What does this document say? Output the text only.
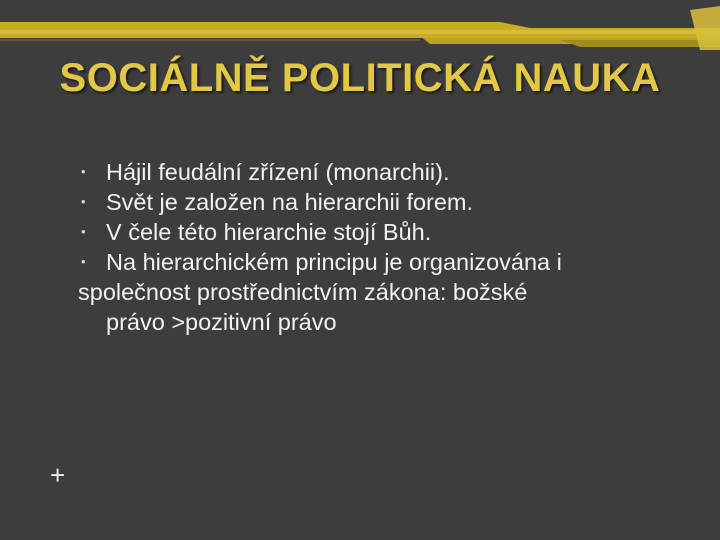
SOCIÁLNĚ POLITICKÁ NAUKA
• Hájil feudální zřízení (monarchii).
• Svět je založen na hierarchii forem.
• V čele této hierarchie stojí Bůh.
• Na hierarchickém principu je organizována i
společnost prostřednictvím zákona: božské
právo >pozitivní právo
+
